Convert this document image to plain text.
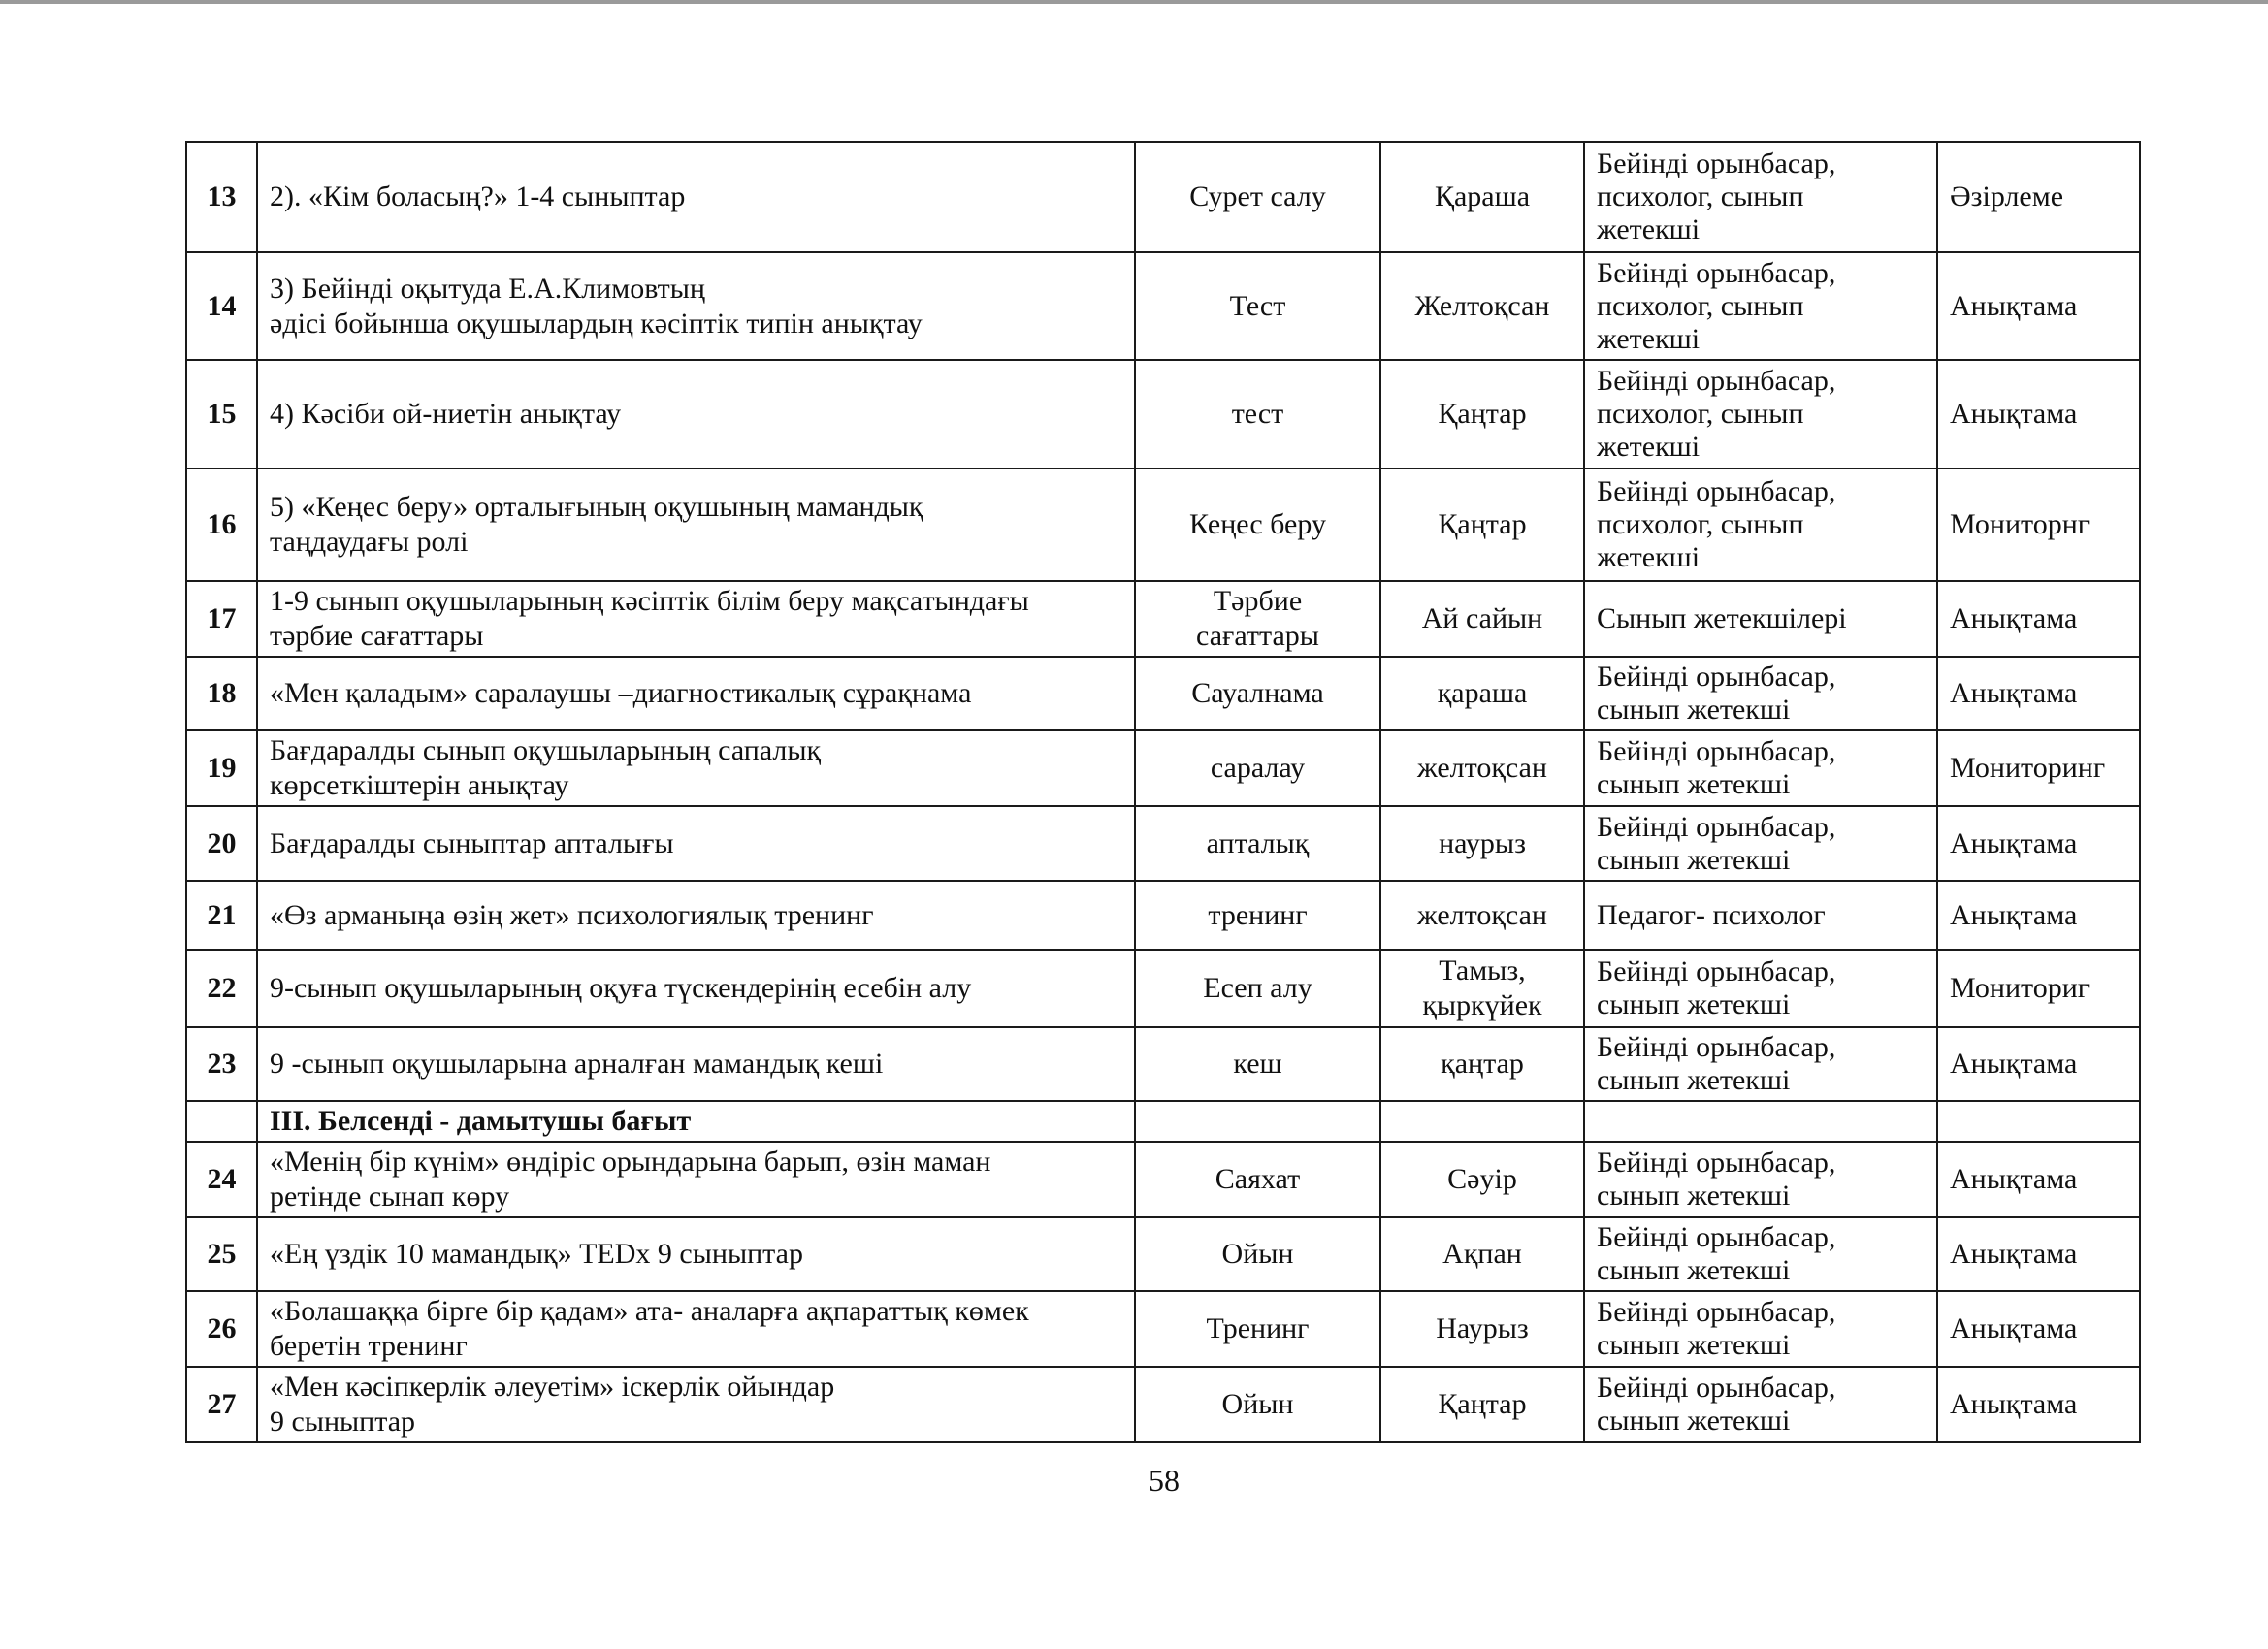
13	2). «Кім боласың?» 1-4 сыныптар	Сурет салу	Қараша	Бейінді орынбасар,
психолог, сынып
жетекші	Әзірлеме
14	3) Бейінді оқытуда Е.А.Климовтың
әдісі бойынша оқушылардың кәсіптік типін анықтау	Тест	Желтоқсан	Бейінді орынбасар,
психолог, сынып
жетекші	Анықтама
15	4) Кәсіби ой-ниетін анықтау	тест	Қаңтар	Бейінді орынбасар,
психолог, сынып
жетекші	Анықтама
16	5) «Кеңес беру» орталығының оқушының мамандық
таңдаудағы ролі	Кеңес беру	Қаңтар	Бейінді орынбасар,
психолог, сынып
жетекші	Мониторнг
17	1-9 сынып оқушыларының кәсіптік білім беру мақсатындағы
тәрбие сағаттары	Тәрбие
сағаттары	Ай сайын	Сынып жетекшілері	Анықтама
18	«Мен қаладым» саралаушы –диагностикалық сұрақнама	Сауалнама	қараша	Бейінді орынбасар,
сынып жетекші	Анықтама
19	Бағдаралды сынып оқушыларының сапалық
көрсеткіштерін анықтау	саралау	желтоқсан	Бейінді орынбасар,
сынып жетекші	Мониторинг
20	Бағдаралды сыныптар апталығы	апталық	наурыз	Бейінді орынбасар,
сынып жетекші	Анықтама
21	«Өз арманыңа өзің жет» психологиялық тренинг	тренинг	желтоқсан	Педагог- психолог	Анықтама
22	9-сынып оқушыларының оқуға түскендерінің есебін алу	Есеп алу	Тамыз,
қыркүйек	Бейінді орынбасар,
сынып жетекші	Мониториг
23	9 -сынып оқушыларына арналған мамандық кеші	кеш	қаңтар	Бейінді орынбасар,
сынып жетекші	Анықтама

	ІІІ. Белсенді - дамытушы бағыт				

24	«Менің бір күнім» өндіріс орындарына барып, өзін маман
ретінде сынап көру	Саяхат	Сәуір	Бейінді орынбасар,
сынып жетекші	Анықтама
25	«Ең үздік 10 мамандық» TEDx 9 сыныптар	Ойын	Ақпан	Бейінді орынбасар,
сынып жетекші	Анықтама
26	«Болашаққа бірге бір қадам» ата- аналарға ақпараттық көмек
беретін тренинг	Тренинг	Наурыз	Бейінді орынбасар,
сынып жетекші	Анықтама
27	«Мен кәсіпкерлік әлеуетім» іскерлік ойындар
9 сыныптар	Ойын	Қаңтар	Бейінді орынбасар,
сынып жетекші	Анықтама
58
